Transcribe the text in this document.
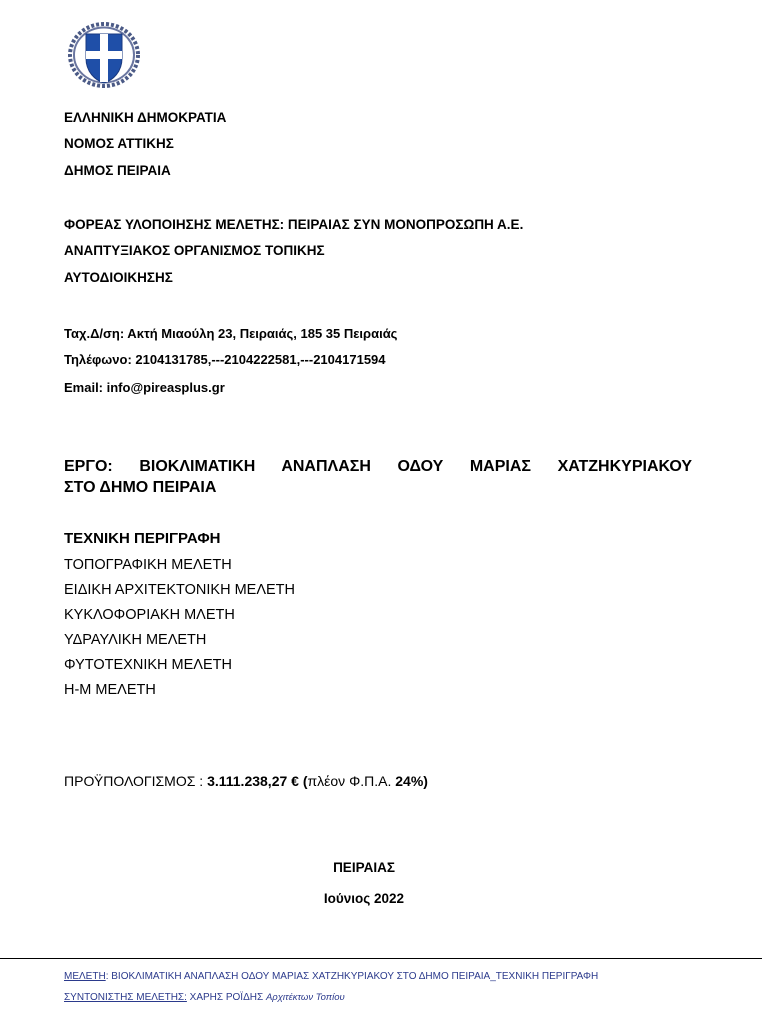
ΕΛΛΗΝΙΚΗ ΔΗΜΟΚΡΑΤΙΑ
ΝΟΜΟΣ ΑΤΤΙΚΗΣ
ΔΗΜΟΣ ΠΕΙΡΑΙΑ
ΦΟΡΕΑΣ ΥΛΟΠΟΙΗΣΗΣ ΜΕΛΕΤΗΣ: ΠΕΙΡΑΙΑΣ ΣΥΝ ΜΟΝΟΠΡΟΣΩΠΗ Α.Ε.
ΑΝΑΠΤΥΞΙΑΚΟΣ ΟΡΓΑΝΙΣΜΟΣ ΤΟΠΙΚΗΣ
ΑΥΤΟΔΙΟΙΚΗΣΗΣ
Ταχ.Δ/ση: Ακτή Μιαούλη 23, Πειραιάς, 185 35 Πειραιάς
Τηλέφωνο: 2104131785,---2104222581,---2104171594
Email: info@pireasplus.gr
ΕΡΓΟ: ΒΙΟΚΛΙΜΑΤΙΚΗ ΑΝΑΠΛΑΣΗ ΟΔΟΥ ΜΑΡΙΑΣ ΧΑΤΖΗΚΥΡΙΑΚΟΥ
ΣΤΟ ΔΗΜΟ ΠΕΙΡΑΙΑ
ΤΕΧΝΙΚΗ ΠΕΡΙΓΡΑΦΗ
ΤΟΠΟΓΡΑΦΙΚΗ ΜΕΛΕΤΗ
ΕΙΔΙΚΗ ΑΡΧΙΤΕΚΤΟΝΙΚΗ ΜΕΛΕΤΗ
ΚΥΚΛΟΦΟΡΙΑΚΗ ΜΛΕΤΗ
ΥΔΡΑΥΛΙΚΗ ΜΕΛΕΤΗ
ΦΥΤΟΤΕΧΝΙΚΗ ΜΕΛΕΤΗ
Η-Μ ΜΕΛΕΤΗ
ΠΡΟΫΠΟΛΟΓΙΣΜΟΣ : 3.111.238,27 € (πλέον Φ.Π.Α. 24%)
ΠΕΙΡΑΙΑΣ
Ιούνιος 2022
ΜΕΛΕΤΗ: ΒΙΟΚΛΙΜΑΤΙΚΗ ΑΝΑΠΛΑΣΗ ΟΔΟΥ ΜΑΡΙΑΣ ΧΑΤΖΗΚΥΡΙΑΚΟΥ ΣΤΟ ΔΗΜΟ ΠΕΙΡΑΙΑ_ΤΕΧΝΙΚΗ ΠΕΡΙΓΡΑΦΗ
ΣΥΝΤΟΝΙΣΤΗΣ ΜΕΛΕΤΗΣ: ΧΑΡΗΣ ΡΟΪΔΗΣ Αρχιτέκτων Τοπίου
